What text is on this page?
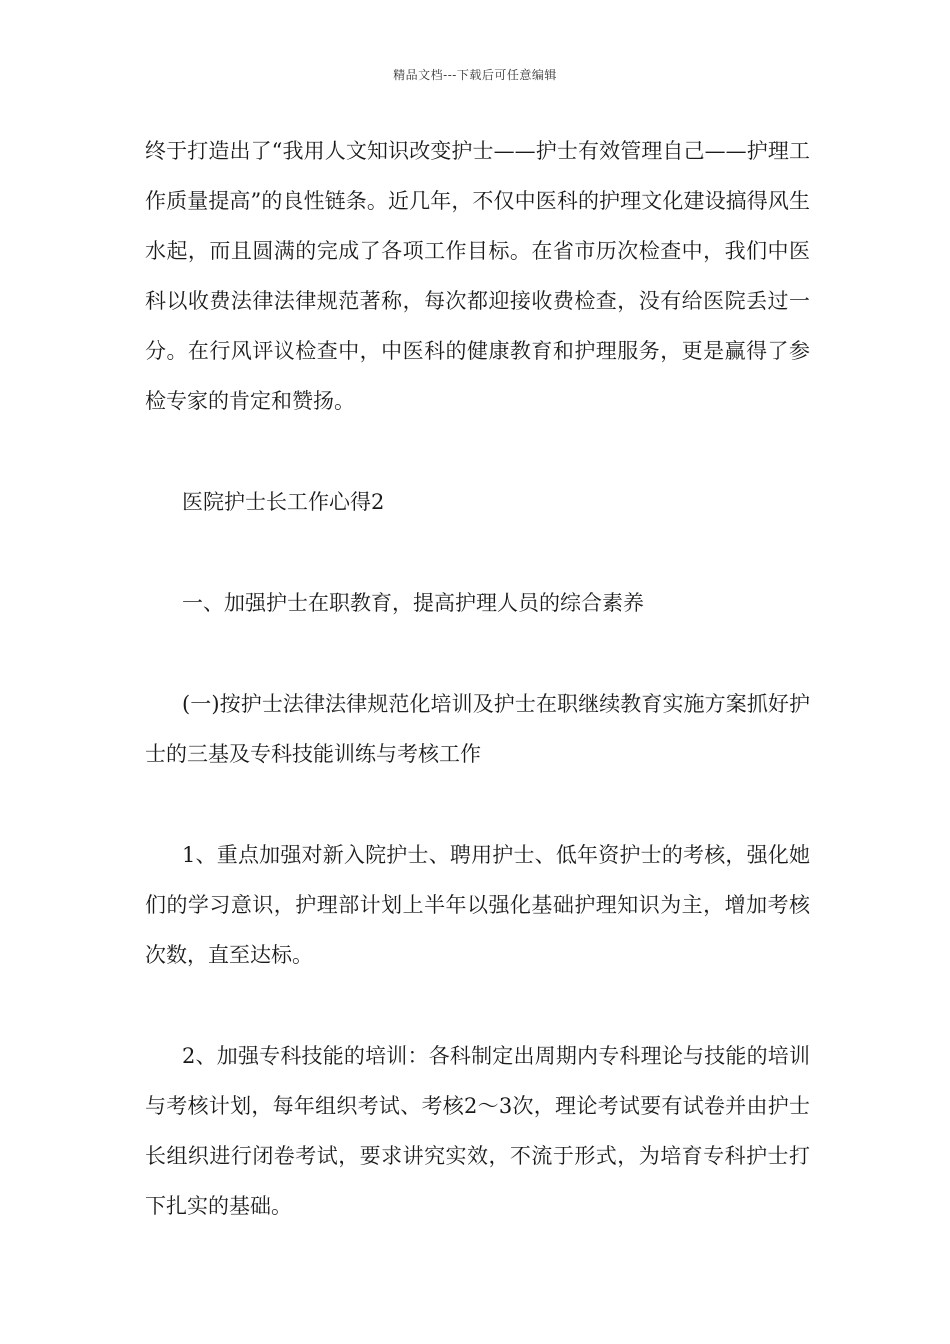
精品文档---下载后可任意编辑

终于打造出了“我用人文知识改变护士——护士有效管理自己——护理工作质量提高”的良性链条。近几年，不仅中医科的护理文化建设搞得风生水起，而且圆满的完成了各项工作目标。在省市历次检查中，我们中医科以收费法律法律规范著称，每次都迎接收费检查，没有给医院丢过一分。在行风评议检查中，中医科的健康教育和护理服务，更是赢得了参检专家的肯定和赞扬。

医院护士长工作心得2

一、加强护士在职教育，提高护理人员的综合素养

(一)按护士法律法律规范化培训及护士在职继续教育实施方案抓好护士的三基及专科技能训练与考核工作

1、重点加强对新入院护士、聘用护士、低年资护士的考核，强化她们的学习意识，护理部计划上半年以强化基础护理知识为主，增加考核次数，直至达标。

2、加强专科技能的培训：各科制定出周期内专科理论与技能的培训与考核计划，每年组织考试、考核2～3次，理论考试要有试卷并由护士长组织进行闭卷考试，要求讲究实效，不流于形式，为培育专科护士打下扎实的基础。
